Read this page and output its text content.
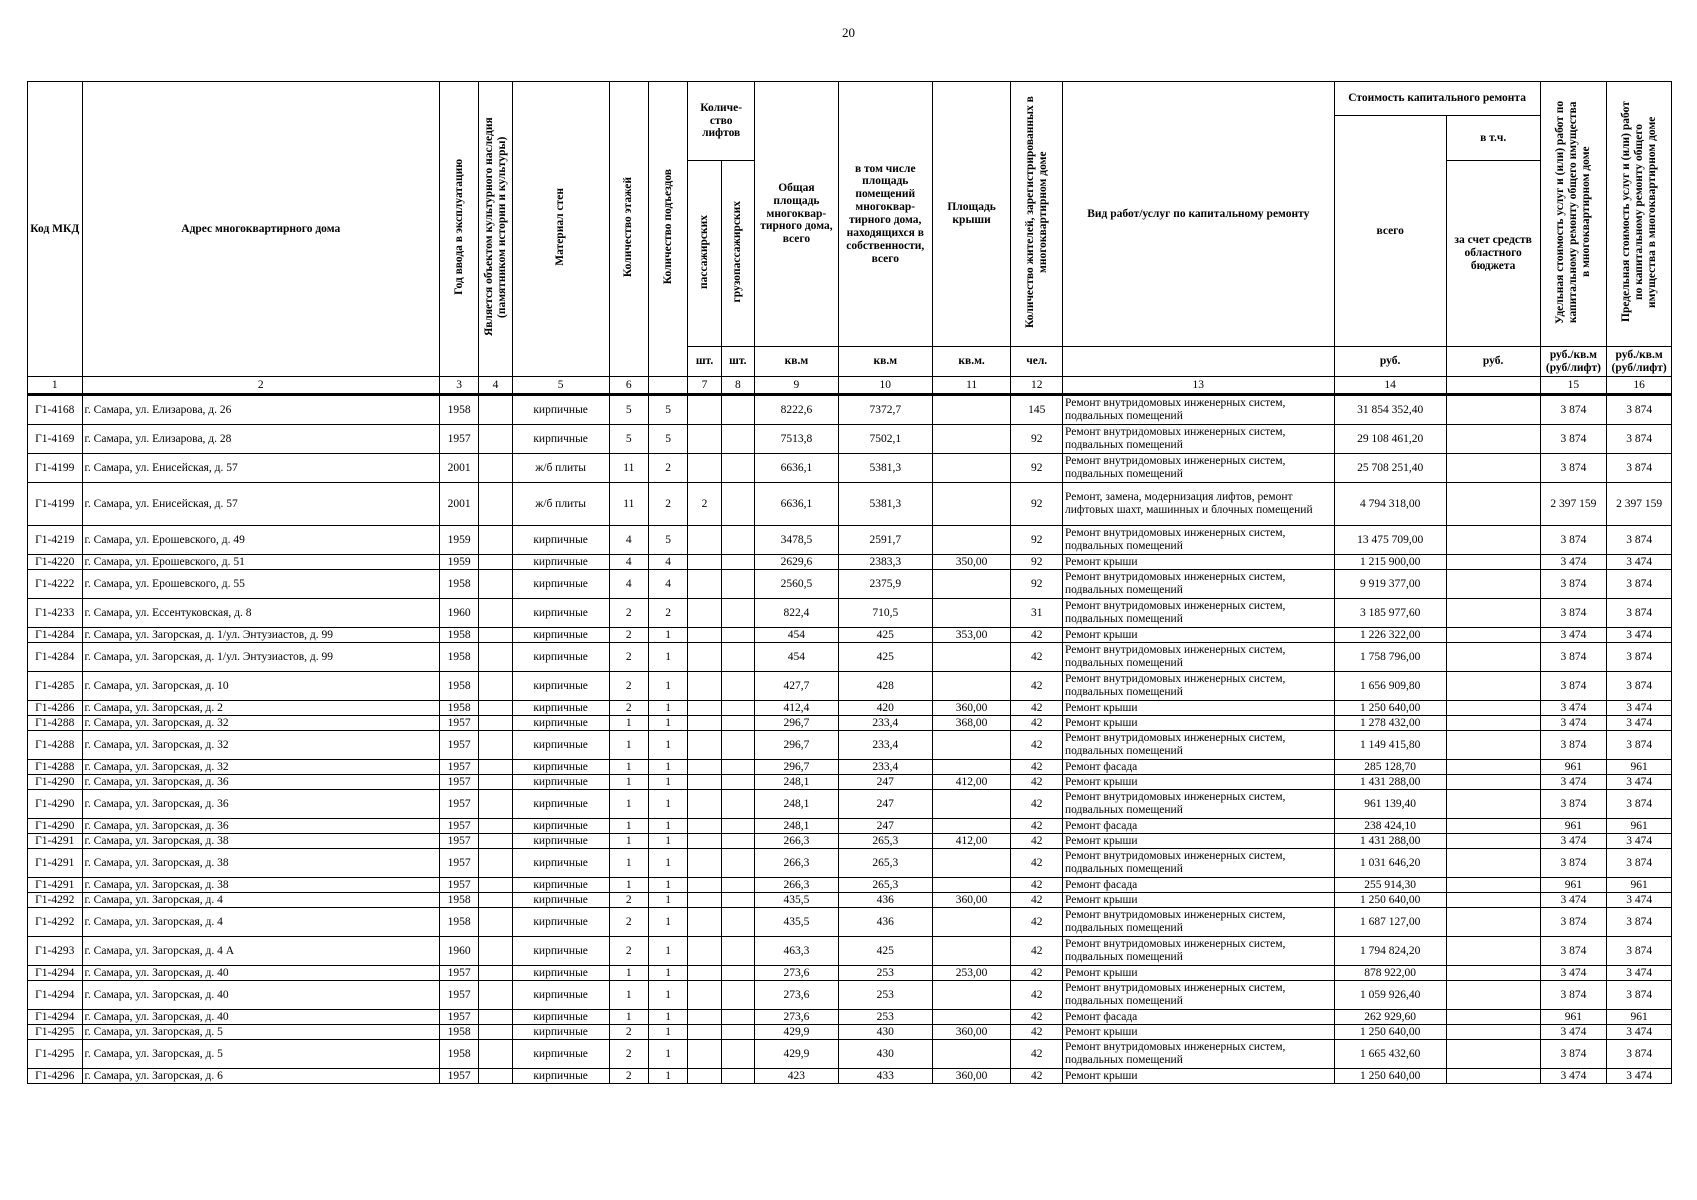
20
Код МКД	Адрес многоквартирного дома	Год ввода в эксплуатацию	Является объектом культурного наследия (памятником истории и культуры)	Материал стен	Количество этажей	Количество подъездов	Количе-ство лифтов		Общая площадь многоквар-тирного дома, всего	в том числе площадь помещений многоквар-тирного дома, находящихся в собственности, всего	Площадь крыши	Количество жителей, зарегистрированных в многоквартирном доме	Вид работ/услуг по капитальному ремонту	Стоимость капитального ремонта		Удельная стоимость услуг и (или) работ по капитальному ремонту общего имущества в многоквартирном доме	Предельная стоимость услуг и (или) работ по капитальному ремонту общего имущества в многоквартирном доме
														всего	в т.ч.		
							пассажирских	грузопассажирских							за счет средств областного бюджета		
							шт.	шт.	кв.м	кв.м	кв.м.	чел.		руб.	руб.	руб./кв.м (руб/лифт)	руб./кв.м (руб/лифт)
1	2	3	4	5	6		7	8	9	10	11	12	13	14		15	16
Г1-4168	г. Самара, ул. Елизарова, д. 26	1958		кирпичные	5	5			8222,6	7372,7		145	Ремонт внутридомовых инженерных систем, подвальных помещений	31 854 352,40		3 874	3 874
Г1-4169	г. Самара, ул. Елизарова, д. 28	1957		кирпичные	5	5			7513,8	7502,1		92	Ремонт внутридомовых инженерных систем, подвальных помещений	29 108 461,20		3 874	3 874
Г1-4199	г. Самара, ул. Енисейская, д. 57	2001		ж/б плиты	11	2			6636,1	5381,3		92	Ремонт внутридомовых инженерных систем, подвальных помещений	25 708 251,40		3 874	3 874
Г1-4199	г. Самара, ул. Енисейская, д. 57	2001		ж/б плиты	11	2	2		6636,1	5381,3		92	Ремонт, замена, модернизация лифтов, ремонт лифтовых шахт, машинных и блочных помещений	4 794 318,00		2 397 159	2 397 159
Г1-4219	г. Самара, ул. Ерошевского, д. 49	1959		кирпичные	4	5			3478,5	2591,7		92	Ремонт внутридомовых инженерных систем, подвальных помещений	13 475 709,00		3 874	3 874
Г1-4220	г. Самара, ул. Ерошевского, д. 51	1959		кирпичные	4	4			2629,6	2383,3	350,00	92	Ремонт крыши	1 215 900,00		3 474	3 474
Г1-4222	г. Самара, ул. Ерошевского, д. 55	1958		кирпичные	4	4			2560,5	2375,9		92	Ремонт внутридомовых инженерных систем, подвальных помещений	9 919 377,00		3 874	3 874
Г1-4233	г. Самара, ул. Ессентуковская, д. 8	1960		кирпичные	2	2			822,4	710,5		31	Ремонт внутридомовых инженерных систем, подвальных помещений	3 185 977,60		3 874	3 874
Г1-4284	г. Самара, ул. Загорская, д. 1/ул. Энтузиастов, д. 99	1958		кирпичные	2	1			454	425	353,00	42	Ремонт крыши	1 226 322,00		3 474	3 474
Г1-4284	г. Самара, ул. Загорская, д. 1/ул. Энтузиастов, д. 99	1958		кирпичные	2	1			454	425		42	Ремонт внутридомовых инженерных систем, подвальных помещений	1 758 796,00		3 874	3 874
Г1-4285	г. Самара, ул. Загорская, д. 10	1958		кирпичные	2	1			427,7	428		42	Ремонт внутридомовых инженерных систем, подвальных помещений	1 656 909,80		3 874	3 874
Г1-4286	г. Самара, ул. Загорская, д. 2	1958		кирпичные	2	1			412,4	420	360,00	42	Ремонт крыши	1 250 640,00		3 474	3 474
Г1-4288	г. Самара, ул. Загорская, д. 32	1957		кирпичные	1	1			296,7	233,4	368,00	42	Ремонт крыши	1 278 432,00		3 474	3 474
Г1-4288	г. Самара, ул. Загорская, д. 32	1957		кирпичные	1	1			296,7	233,4		42	Ремонт внутридомовых инженерных систем, подвальных помещений	1 149 415,80		3 874	3 874
Г1-4288	г. Самара, ул. Загорская, д. 32	1957		кирпичные	1	1			296,7	233,4		42	Ремонт фасада	285 128,70		961	961
Г1-4290	г. Самара, ул. Загорская, д. 36	1957		кирпичные	1	1			248,1	247	412,00	42	Ремонт крыши	1 431 288,00		3 474	3 474
Г1-4290	г. Самара, ул. Загорская, д. 36	1957		кирпичные	1	1			248,1	247		42	Ремонт внутридомовых инженерных систем, подвальных помещений	961 139,40		3 874	3 874
Г1-4290	г. Самара, ул. Загорская, д. 36	1957		кирпичные	1	1			248,1	247		42	Ремонт фасада	238 424,10		961	961
Г1-4291	г. Самара, ул. Загорская, д. 38	1957		кирпичные	1	1			266,3	265,3	412,00	42	Ремонт крыши	1 431 288,00		3 474	3 474
Г1-4291	г. Самара, ул. Загорская, д. 38	1957		кирпичные	1	1			266,3	265,3		42	Ремонт внутридомовых инженерных систем, подвальных помещений	1 031 646,20		3 874	3 874
Г1-4291	г. Самара, ул. Загорская, д. 38	1957		кирпичные	1	1			266,3	265,3		42	Ремонт фасада	255 914,30		961	961
Г1-4292	г. Самара, ул. Загорская, д. 4	1958		кирпичные	2	1			435,5	436	360,00	42	Ремонт крыши	1 250 640,00		3 474	3 474
Г1-4292	г. Самара, ул. Загорская, д. 4	1958		кирпичные	2	1			435,5	436		42	Ремонт внутридомовых инженерных систем, подвальных помещений	1 687 127,00		3 874	3 874
Г1-4293	г. Самара, ул. Загорская, д. 4 А	1960		кирпичные	2	1			463,3	425		42	Ремонт внутридомовых инженерных систем, подвальных помещений	1 794 824,20		3 874	3 874
Г1-4294	г. Самара, ул. Загорская, д. 40	1957		кирпичные	1	1			273,6	253	253,00	42	Ремонт крыши	878 922,00		3 474	3 474
Г1-4294	г. Самара, ул. Загорская, д. 40	1957		кирпичные	1	1			273,6	253		42	Ремонт внутридомовых инженерных систем, подвальных помещений	1 059 926,40		3 874	3 874
Г1-4294	г. Самара, ул. Загорская, д. 40	1957		кирпичные	1	1			273,6	253		42	Ремонт фасада	262 929,60		961	961
Г1-4295	г. Самара, ул. Загорская, д. 5	1958		кирпичные	2	1			429,9	430	360,00	42	Ремонт крыши	1 250 640,00		3 474	3 474
Г1-4295	г. Самара, ул. Загорская, д. 5	1958		кирпичные	2	1			429,9	430		42	Ремонт внутридомовых инженерных систем, подвальных помещений	1 665 432,60		3 874	3 874
Г1-4296	г. Самара, ул. Загорская, д. 6	1957		кирпичные	2	1			423	433	360,00	42	Ремонт крыши	1 250 640,00		3 474	3 474
